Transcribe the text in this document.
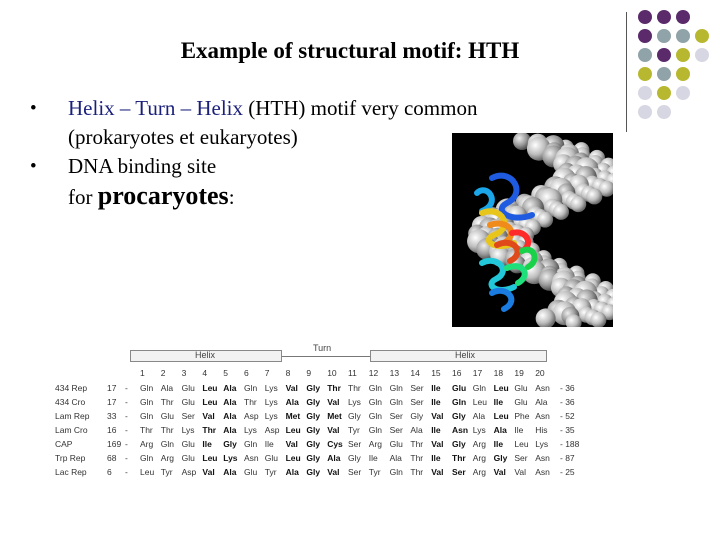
Example of structural motif: HTH
• Helix – Turn – Helix (HTH) motif very common
(prokaryotes et eukaryotes)
• DNA binding site
for procaryotes:
Helix
Turn
Helix
1 2 3 4 5 6 7 8 9 10 11 12 13 14 15 16 17 18 19 20
434 Rep 17 - Gln Ala Glu Leu Ala Gln Lys Val Gly Thr Thr Gln Gln Ser Ile Glu Gln Leu Glu Asn - 36
434 Cro	17 - Gln Thr Glu Leu Ala Thr Lys Ala Gly Val Lys Gln Gln Ser Ile Gln Leu Ile Glu Ala - 36
Lam Rep 33 - Gln Glu Ser Val Ala Asp Lys Met Gly Met Gly Gln Ser Gly Val Gly Ala Leu Phe Asn - 52
Lam Cro 16 - Thr Thr Lys Thr Ala Lys Asp Leu Gly Val Tyr Gln Ser Ala Ile Asn Lys Ala Ile His - 35
CAP	169 - Arg Gln Glu Ile Gly Gln Ile Val Gly Cys Ser Arg Glu Thr Val Gly Arg Ile Leu Lys - 188
Trp Rep	68 - Gln Arg Glu Leu Lys Asn Glu Leu Gly Ala Gly Ile Ala Thr Ile Thr Arg Gly Ser Asn - 87
Lac Rep 6 - Leu Tyr Asp Val Ala Glu Tyr Ala Gly Val Ser Tyr Gln Thr Val Ser Arg Val Val Asn - 25
